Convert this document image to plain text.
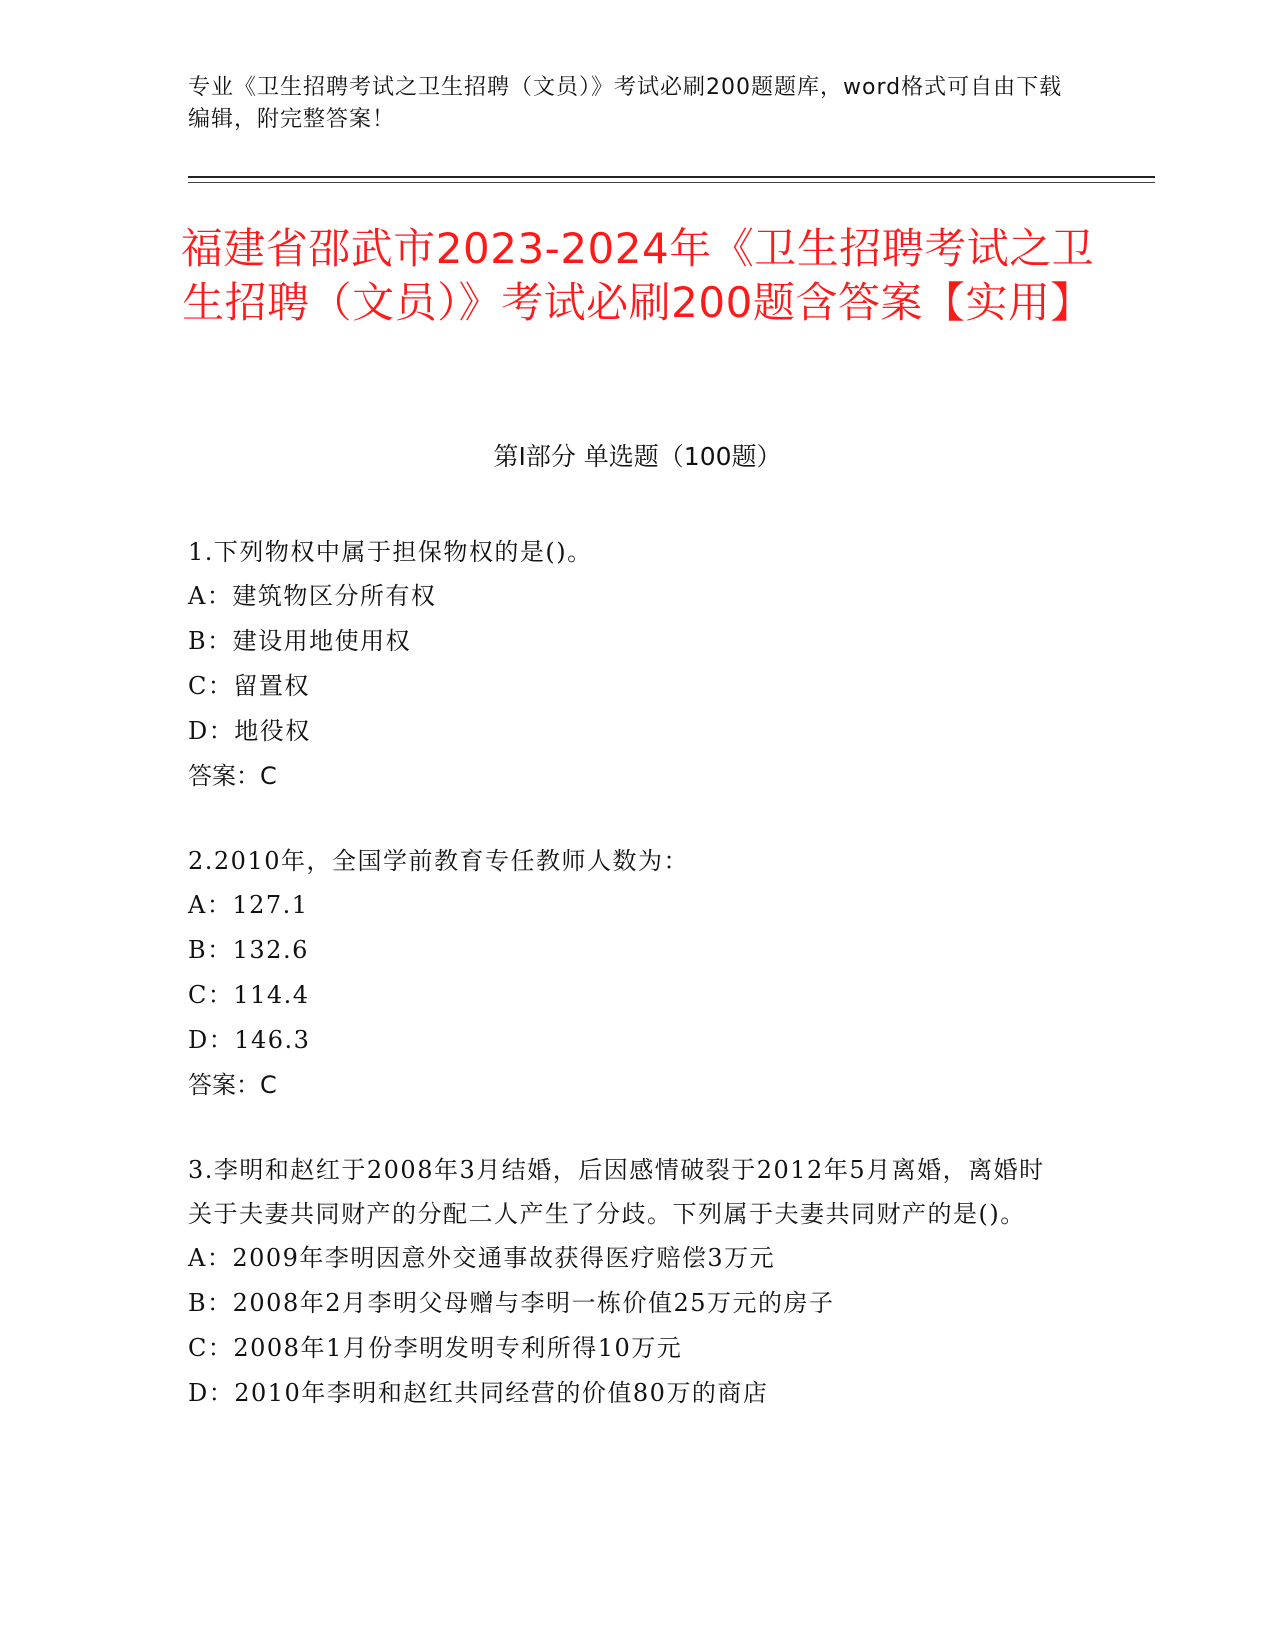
专业《卫生招聘考试之卫生招聘（文员）》考试必刷200题题库，word格式可自由下载编辑，附完整答案！
福建省邵武市2023-2024年《卫生招聘考试之卫生招聘（文员）》考试必刷200题含答案【实用】
第I部分 单选题（100题）
1.下列物权中属于担保物权的是()。
A：建筑物区分所有权
B：建设用地使用权
C：留置权
D：地役权
答案：C
2.2010年，全国学前教育专任教师人数为：
A：127.1
B：132.6
C：114.4
D：146.3
答案：C
3.李明和赵红于2008年3月结婚，后因感情破裂于2012年5月离婚，离婚时关于夫妻共同财产的分配二人产生了分歧。下列属于夫妻共同财产的是()。
A：2009年李明因意外交通事故获得医疗赔偿3万元
B：2008年2月李明父母赠与李明一栋价值25万元的房子
C：2008年1月份李明发明专利所得10万元
D：2010年李明和赵红共同经营的价值80万的商店
